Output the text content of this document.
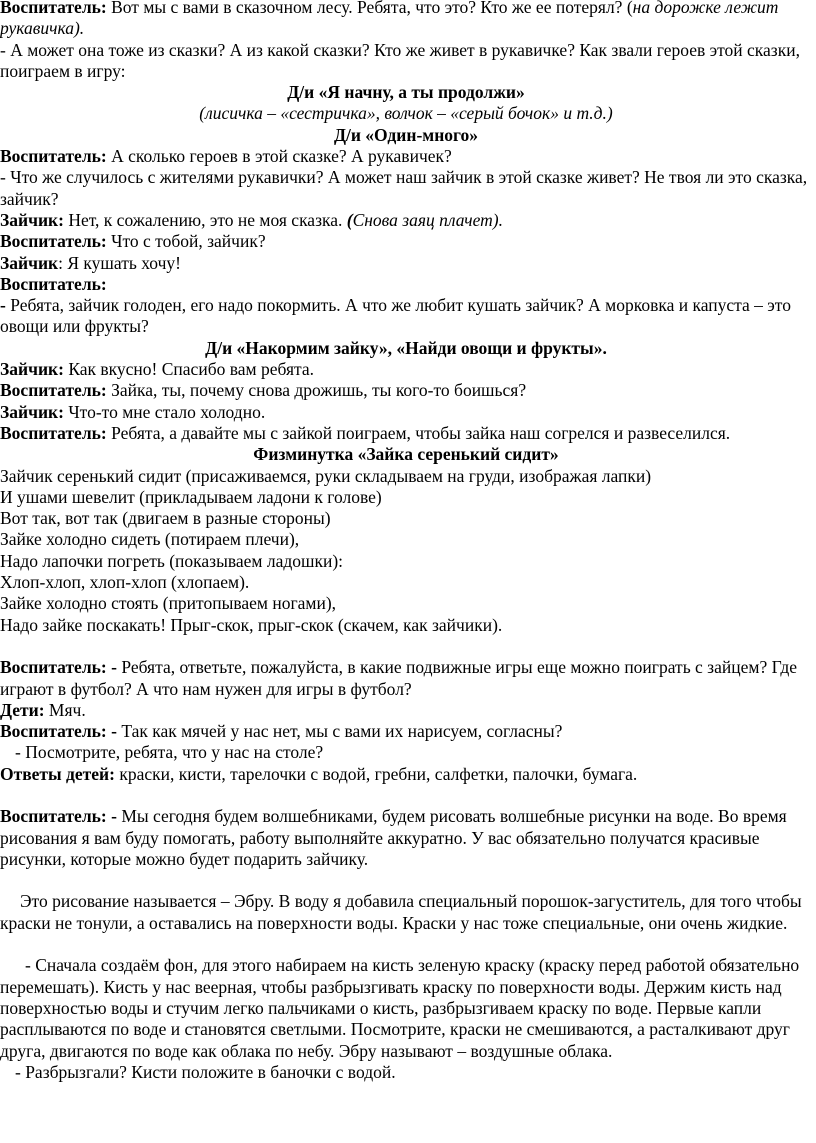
Воспитатель: Вот мы с вами в сказочном лесу. Ребята, что это? Кто же ее потерял? (на дорожке лежит рукавичка).

- А может она тоже из сказки? А из какой сказки? Кто же живет в рукавичке? Как звали героев этой сказки, поиграем в игру:

Д/и «Я начну, а ты продолжи»

(лисичка – «сестричка», волчок – «серый бочок» и т.д.)

Д/и «Один-много»

Воспитатель: А сколько героев в этой сказке? А рукавичек?

- Что же случилось с жителями рукавички? А может наш зайчик в этой сказке живет? Не твоя ли это сказка, зайчик?

Зайчик: Нет, к сожалению, это не моя сказка. (Снова заяц плачет).

Воспитатель: Что с тобой, зайчик?

Зайчик: Я кушать хочу!

Воспитатель:

- Ребята, зайчик голоден, его надо покормить. А что же любит кушать зайчик? А морковка и капуста – это овощи или фрукты?

Д/и «Накормим зайку», «Найди овощи и фрукты».

Зайчик: Как вкусно! Спасибо вам ребята.

Воспитатель: Зайка, ты, почему снова дрожишь, ты кого-то боишься?

Зайчик: Что-то мне стало холодно.

Воспитатель: Ребята, а давайте мы с зайкой поиграем, чтобы зайка наш согрелся и развеселился.

Физминутка «Зайка серенький сидит»

Зайчик серенький сидит (присаживаемся, руки складываем на груди, изображая лапки)

И ушами шевелит (прикладываем ладони к голове)

Вот так, вот так (двигаем в разные стороны)

Зайке холодно сидеть (потираем плечи),

Надо лапочки погреть (показываем ладошки):

Хлоп-хлоп, хлоп-хлоп (хлопаем).

Зайке холодно стоять (притопываем ногами),

Надо зайке поскакать! Прыг-скок, прыг-скок (скачем, как зайчики).

Воспитатель: - Ребята, ответьте, пожалуйста, в какие подвижные игры еще можно поиграть с зайцем? Где играют в футбол? А что нам нужен для игры в футбол?

Дети: Мяч.

Воспитатель: - Так как мячей у нас нет, мы с вами их нарисуем, согласны?

- Посмотрите, ребята, что у нас на столе?

Ответы детей: краски, кисти, тарелочки с водой, гребни, салфетки, палочки, бумага.

Воспитатель: - Мы сегодня будем волшебниками, будем рисовать волшебные рисунки на воде. Во время рисования я вам буду помогать, работу выполняйте аккуратно. У вас обязательно получатся красивые рисунки, которые можно будет подарить зайчику.

Это рисование называется – Эбру. В воду я добавила специальный порошок-загуститель, для того чтобы краски не тонули, а оставались на поверхности воды. Краски у нас тоже специальные, они очень жидкие.

- Сначала создаём фон, для этого набираем на кисть зеленую краску (краску перед работой обязательно перемешать). Кисть у нас веерная, чтобы разбрызгивать краску по поверхности воды. Держим кисть над поверхностью воды и стучим легко пальчиками о кисть, разбрызгиваем краску по воде. Первые капли расплываются по воде и становятся светлыми. Посмотрите, краски не смешиваются, а расталкивают друг друга, двигаются по воде как облака по небу. Эбру называют – воздушные облака.

- Разбрызгали? Кисти положите в баночки с водой.
